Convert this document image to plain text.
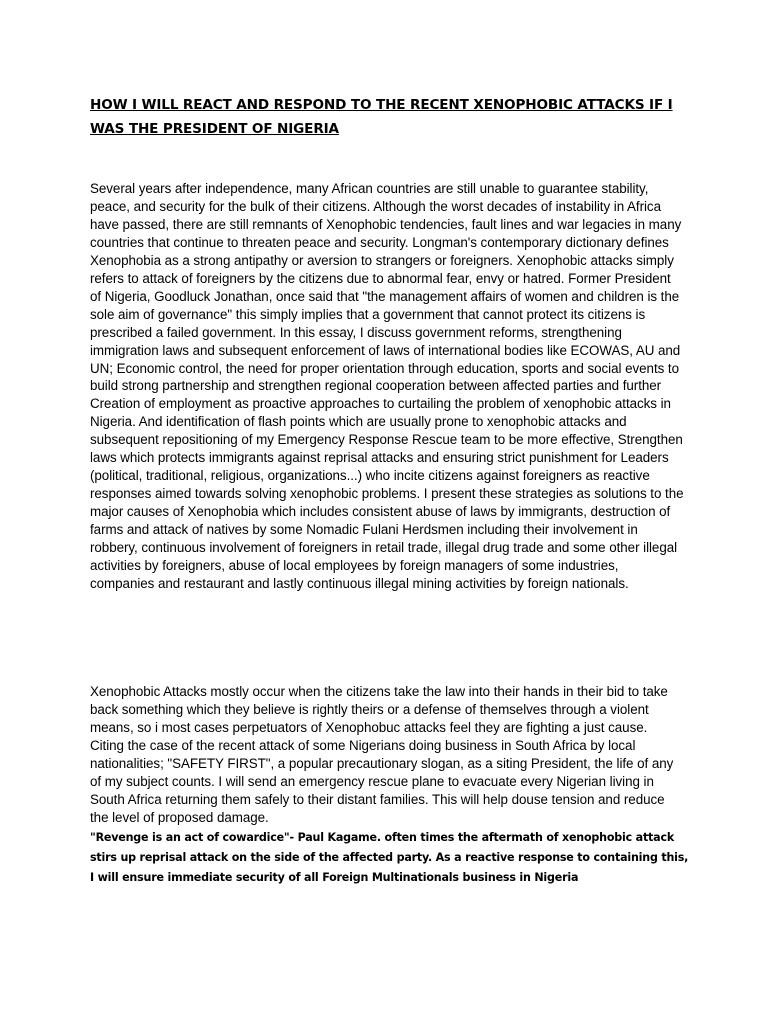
HOW I WILL REACT AND RESPOND TO THE RECENT XENOPHOBIC ATTACKS IF I WAS THE PRESIDENT OF NIGERIA

Several years after independence, many African countries are still unable to guarantee stability, peace, and security for the bulk of their citizens. Although the worst decades of instability in Africa have passed, there are still remnants of Xenophobic tendencies, fault lines and war legacies in many countries that continue to threaten peace and security. Longman's contemporary dictionary defines Xenophobia as a strong antipathy or aversion to strangers or foreigners. Xenophobic attacks simply refers to attack of foreigners by the citizens due to abnormal fear, envy or hatred. Former President of Nigeria, Goodluck Jonathan, once said that "the management affairs of women and children is the sole aim of governance" this simply implies that a government that cannot protect its citizens is prescribed a failed government. In this essay, I discuss government reforms, strengthening immigration laws and subsequent enforcement of laws of international bodies like ECOWAS, AU and UN; Economic control, the need for proper orientation through education, sports and social events to build strong partnership and strengthen regional cooperation between affected parties and further Creation of employment as proactive approaches to curtailing the problem of xenophobic attacks in Nigeria. And identification of flash points which are usually prone to xenophobic attacks and subsequent repositioning of my Emergency Response Rescue team to be more effective, Strengthen laws which protects immigrants against reprisal attacks and ensuring strict punishment for Leaders (political, traditional, religious, organizations...) who incite citizens against foreigners as reactive responses aimed towards solving xenophobic problems. I present these strategies as solutions to the major causes of Xenophobia which includes consistent abuse of laws by immigrants, destruction of farms and attack of natives by some Nomadic Fulani Herdsmen including their involvement in robbery, continuous involvement of foreigners in retail trade, illegal drug trade and some other illegal activities by foreigners, abuse of local employees by foreign managers of some industries, companies and restaurant and lastly continuous illegal mining activities by foreign nationals.

Xenophobic Attacks mostly occur when the citizens take the law into their hands in their bid to take back something which they believe is rightly theirs or a defense of themselves through a violent means, so i most cases perpetuators of Xenophobuc attacks feel they are fighting a just cause. Citing the case of the recent attack of some Nigerians doing business in South Africa by local nationalities; "SAFETY FIRST", a popular precautionary slogan, as a siting President, the life of any of my subject counts. I will send an emergency rescue plane to evacuate every Nigerian living in South Africa returning them safely to their distant families. This will help douse tension and reduce the level of proposed damage.

"Revenge is an act of cowardice"- Paul Kagame. often times the aftermath of xenophobic attack stirs up reprisal attack on the side of the affected party. As a reactive response to containing this, I will ensure immediate security of all Foreign Multinationals business in Nigeria
